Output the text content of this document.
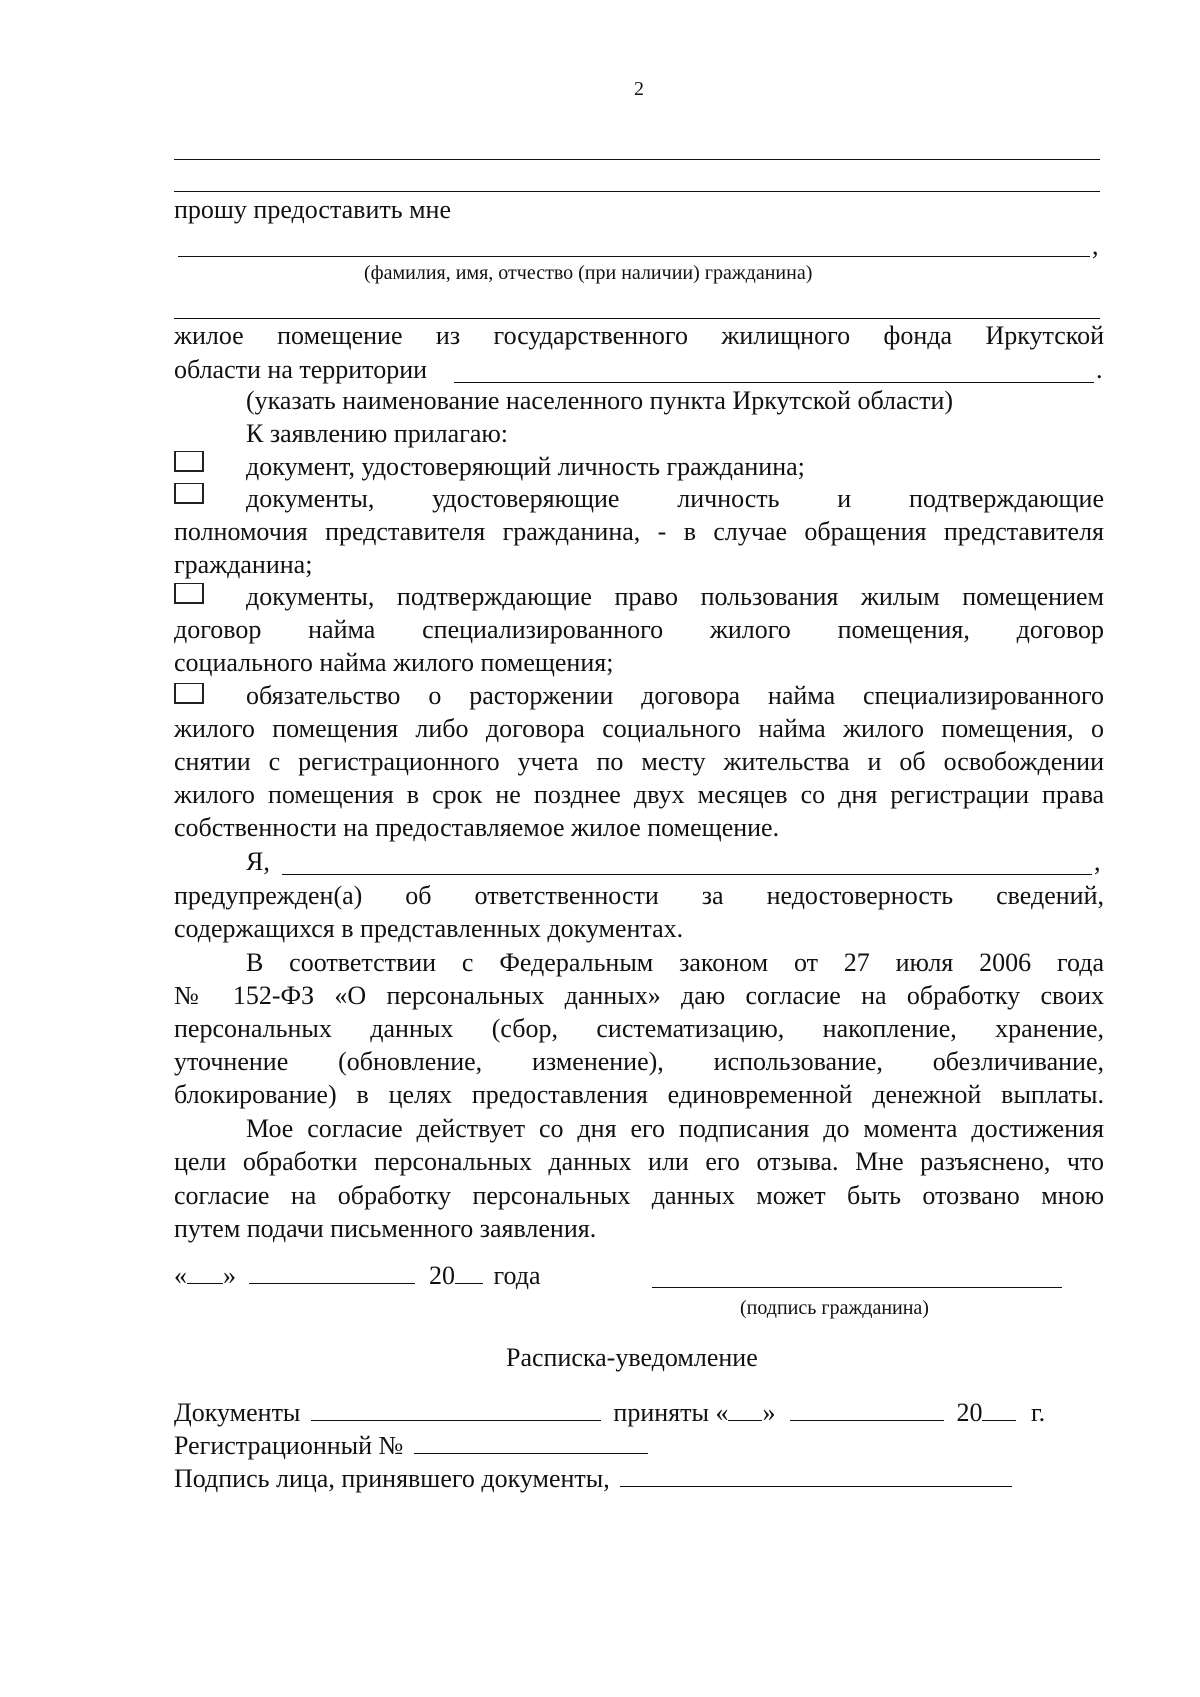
2
прошу предоставить мне
,
(фамилия, имя, отчество (при наличии) гражданина)
жилое помещение из государственного жилищного фонда Иркутской
области на территории	.
(указать наименование населенного пункта Иркутской области)
К заявлению прилагаю:
документ, удостоверяющий личность гражданина;
документы, удостоверяющие личность и подтверждающие
полномочия представителя гражданина, - в случае обращения представителя
гражданина;
документы, подтверждающие право пользования жилым помещением
договор найма специализированного жилого помещения, договор
социального найма жилого помещения;
обязательство о расторжении договора найма специализированного
жилого помещения либо договора социального найма жилого помещения, о
снятии с регистрационного учета по месту жительства и об освобождении
жилого помещения в срок не позднее двух месяцев со дня регистрации права
собственности на предоставляемое жилое помещение.
Я,	,
предупрежден(а) об ответственности за недостоверность сведений,
содержащихся в представленных документах.
В соответствии с Федеральным законом от 27 июля 2006 года
№ 152-ФЗ «О персональных данных» даю согласие на обработку своих
персональных данных (сбор, систематизацию, накопление, хранение,
уточнение (обновление, изменение), использование, обезличивание,
блокирование) в целях предоставления единовременной денежной выплаты.
Мое согласие действует со дня его подписания до момента достижения
цели обработки персональных данных или его отзыва. Мне разъяснено, что
согласие на обработку персональных данных может быть отозвано мною
путем подачи письменного заявления.
« »	20 года
(подпись гражданина)
Расписка-уведомление
Документы	приняты « »	20 г.
Регистрационный №
Подпись лица, принявшего документы,
